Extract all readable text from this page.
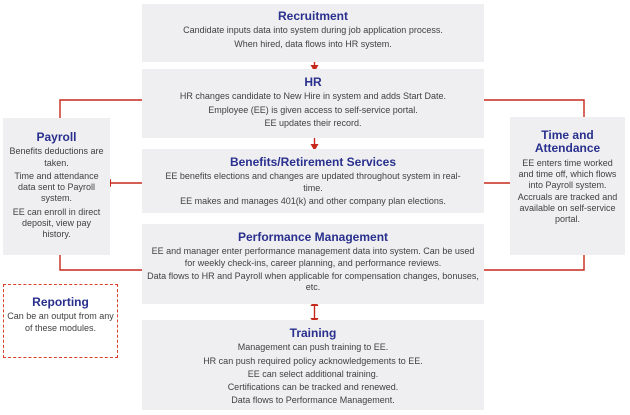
Recruitment
Candidate inputs data into system during job application process.
When hired, data flows into HR system.
HR
HR changes candidate to New Hire in system and adds Start Date.
Employee (EE) is given access to self-service portal.
EE updates their record.
Benefits/Retirement Services
EE benefits elections and changes are updated throughout system in real-time.
EE makes and manages 401(k) and other company plan elections.
Performance Management
EE and manager enter performance management data into system. Can be used for weekly check-ins, career planning, and performance reviews.
Data flows to HR and Payroll when applicable for compensation changes, bonuses, etc.
Training
Management can push training to EE.
HR can push required policy acknowledgements to EE.
EE can select additional training.
Certifications can be tracked and renewed.
Data flows to Performance Management.
Payroll
Benefits deductions are taken.
Time and attendance data sent to Payroll system.
EE can enroll in direct deposit, view pay history.
Time and Attendance
EE enters time worked and time off, which flows into Payroll system. Accruals are tracked and available on self-service portal.
Reporting
Can be an output from any of these modules.
